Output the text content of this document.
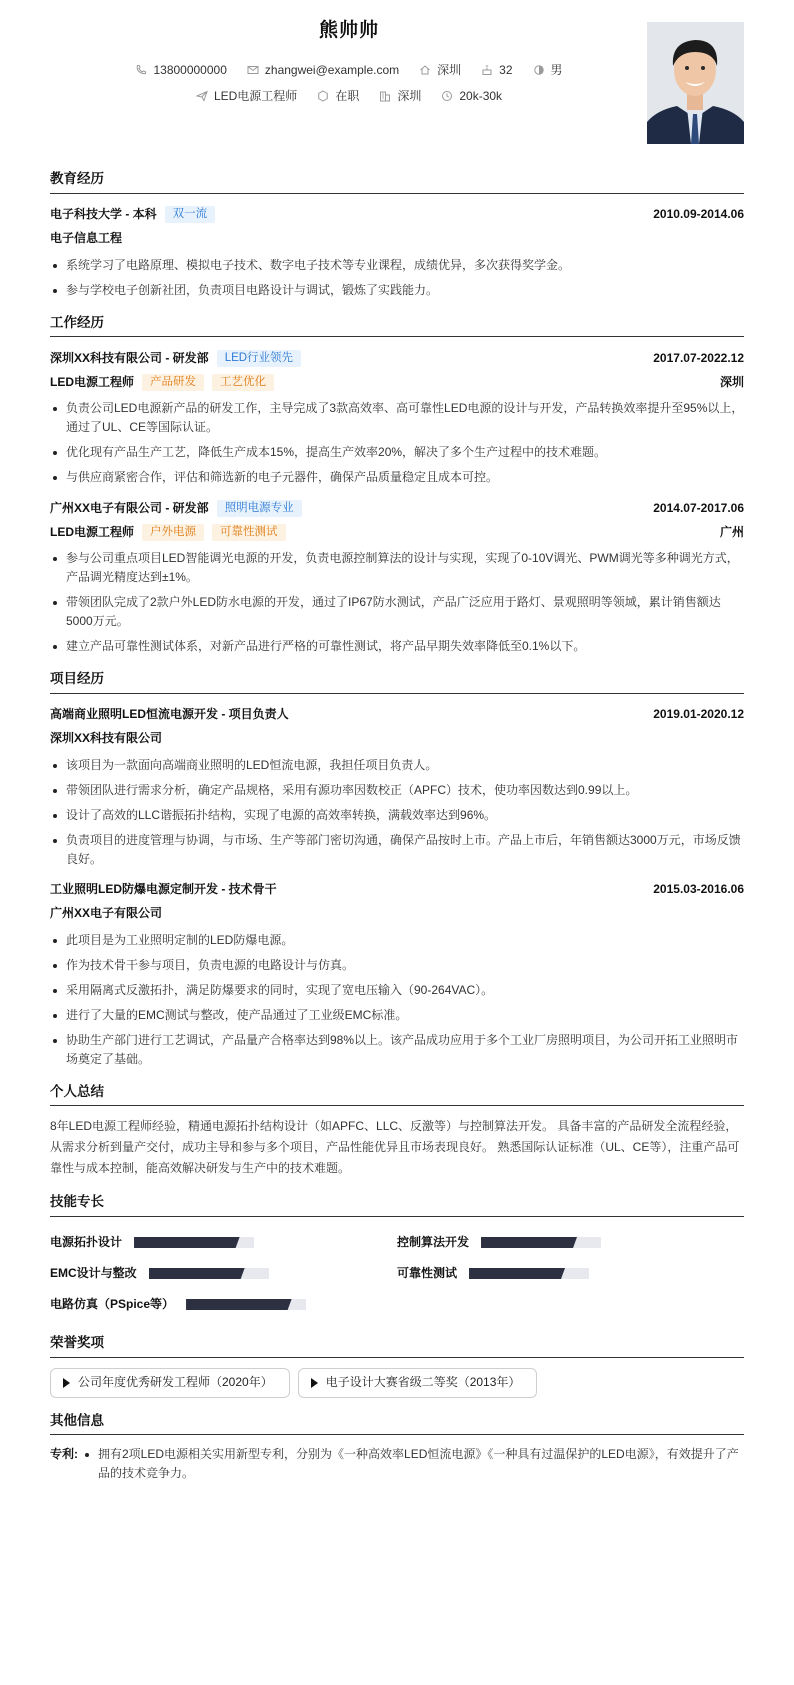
熊帅帅
13800000000	zhangwei@example.com	深圳	32	男
LED电源工程师	在职	深圳	20k-30k
教育经历
电子科技大学 - 本科	双一流	2010.09-2014.06
电子信息工程
系统学习了电路原理、模拟电子技术、数字电子技术等专业课程，成绩优异，多次获得奖学金。
参与学校电子创新社团，负责项目电路设计与调试，锻炼了实践能力。
工作经历
深圳XX科技有限公司 - 研发部	LED行业领先	2017.07-2022.12
LED电源工程师	产品研发	工艺优化	深圳
负责公司LED电源新产品的研发工作，主导完成了3款高效率、高可靠性LED电源的设计与开发，产品转换效率提升至95%以上，通过了UL、CE等国际认证。
优化现有产品生产工艺，降低生产成本15%，提高生产效率20%，解决了多个生产过程中的技术难题。
与供应商紧密合作，评估和筛选新的电子元器件，确保产品质量稳定且成本可控。
广州XX电子有限公司 - 研发部	照明电源专业	2014.07-2017.06
LED电源工程师	户外电源	可靠性测试	广州
参与公司重点项目LED智能调光电源的开发，负责电源控制算法的设计与实现，实现了0-10V调光、PWM调光等多种调光方式，产品调光精度达到±1%。
带领团队完成了2款户外LED防水电源的开发，通过了IP67防水测试，产品广泛应用于路灯、景观照明等领域，累计销售额达5000万元。
建立产品可靠性测试体系，对新产品进行严格的可靠性测试，将产品早期失效率降低至0.1%以下。
项目经历
高端商业照明LED恒流电源开发 - 项目负责人	2019.01-2020.12
深圳XX科技有限公司
该项目为一款面向高端商业照明的LED恒流电源，我担任项目负责人。
带领团队进行需求分析，确定产品规格，采用有源功率因数校正（APFC）技术，使功率因数达到0.99以上。
设计了高效的LLC谐振拓扑结构，实现了电源的高效率转换，满载效率达到96%。
负责项目的进度管理与协调，与市场、生产等部门密切沟通，确保产品按时上市。产品上市后，年销售额达3000万元，市场反馈良好。
工业照明LED防爆电源定制开发 - 技术骨干	2015.03-2016.06
广州XX电子有限公司
此项目是为工业照明定制的LED防爆电源。
作为技术骨干参与项目，负责电源的电路设计与仿真。
采用隔离式反激拓扑，满足防爆要求的同时，实现了宽电压输入（90-264VAC）。
进行了大量的EMC测试与整改，使产品通过了工业级EMC标准。
协助生产部门进行工艺调试，产品量产合格率达到98%以上。该产品成功应用于多个工业厂房照明项目，为公司开拓工业照明市场奠定了基础。
个人总结
8年LED电源工程师经验，精通电源拓扑结构设计（如APFC、LLC、反激等）与控制算法开发。 具备丰富的产品研发全流程经验，从需求分析到量产交付，成功主导和参与多个项目，产品性能优异且市场表现良好。 熟悉国际认证标准（UL、CE等），注重产品可靠性与成本控制，能高效解决研发与生产中的技术难题。
技能专长
电源拓扑设计	控制算法开发
EMC设计与整改	可靠性测试
电路仿真（PSpice等）
荣誉奖项
公司年度优秀研发工程师（2020年）	电子设计大赛省级二等奖（2013年）
其他信息
专利:	拥有2项LED电源相关实用新型专利，分别为《一种高效率LED恒流电源》《一种具有过温保护的LED电源》，有效提升了产品的技术竞争力。
